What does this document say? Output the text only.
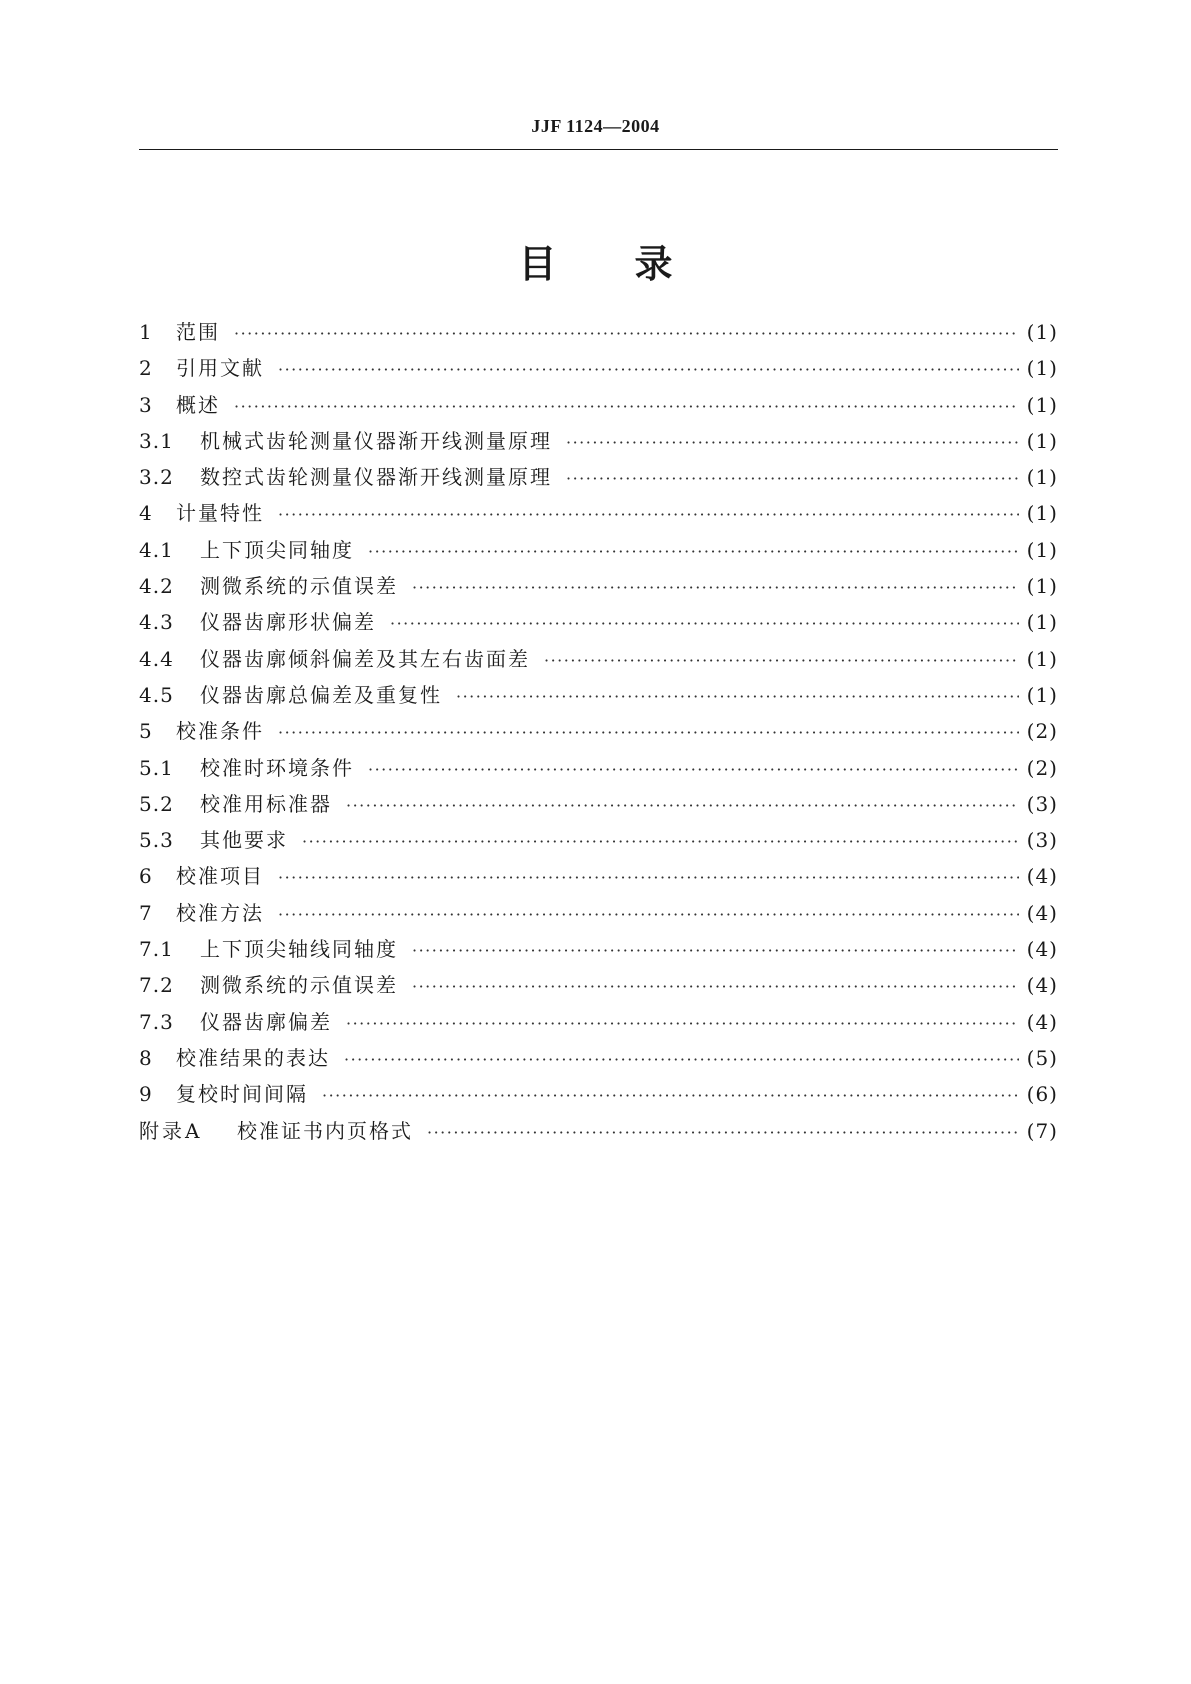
JJF 1124—2004
目录
1	范围 ·····	(1)
2	引用文献 ·····	(1)
3	概述 ·····	(1)
3.1	机械式齿轮测量仪器渐开线测量原理 ·····	(1)
3.2	数控式齿轮测量仪器渐开线测量原理 ·····	(1)
4	计量特性 ·····	(1)
4.1	上下顶尖同轴度 ·····	(1)
4.2	测微系统的示值误差 ·····	(1)
4.3	仪器齿廓形状偏差 ·····	(1)
4.4	仪器齿廓倾斜偏差及其左右齿面差 ·····	(1)
4.5	仪器齿廓总偏差及重复性 ·····	(1)
5	校准条件 ·····	(2)
5.1	校准时环境条件 ·····	(2)
5.2	校准用标准器 ·····	(3)
5.3	其他要求 ·····	(3)
6	校准项目 ·····	(4)
7	校准方法 ·····	(4)
7.1	上下顶尖轴线同轴度 ·····	(4)
7.2	测微系统的示值误差 ·····	(4)
7.3	仪器齿廓偏差 ·····	(4)
8	校准结果的表达 ·····	(5)
9	复校时间间隔 ·····	(6)
附录A	校准证书内页格式 ·····	(7)
